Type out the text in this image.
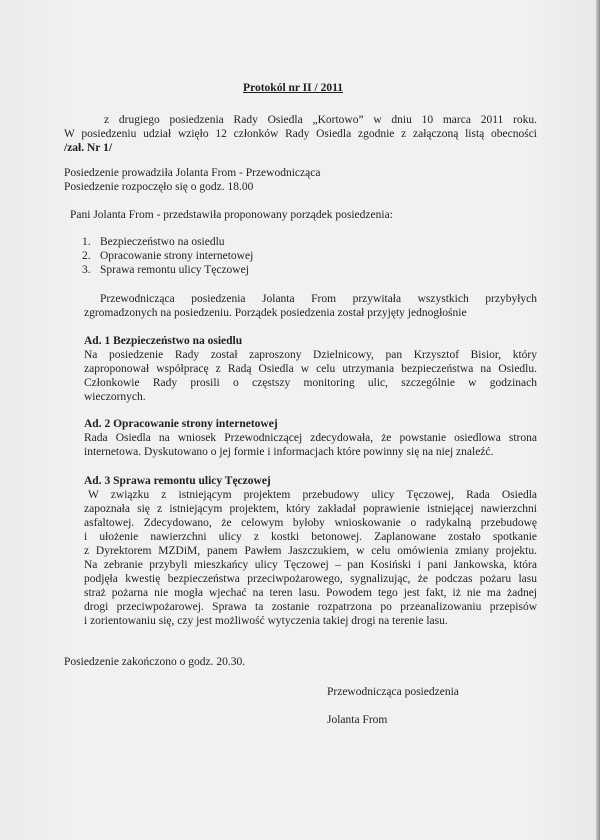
Protokól nr II / 2011
z drugiego posiedzenia Rady Osiedla „Kortowo” w dniu 10 marca 2011 roku.
W posiedzeniu udział wzięło 12 członków Rady Osiedla zgodnie z załączoną listą obecności
/zał. Nr 1/
Posiedzenie prowadziła Jolanta From - Przewodnicząca
Posiedzenie rozpoczęło się o godz. 18.00
Pani Jolanta From - przedstawiła proponowany porządek posiedzenia:
1. Bezpieczeństwo na osiedlu
2. Opracowanie strony internetowej
3. Sprawa remontu ulicy Tęczowej
Przewodnicząca posiedzenia Jolanta From przywitała wszystkich przybyłych
zgromadzonych na posiedzeniu. Porządek posiedzenia został przyjęty jednogłośnie
Ad. 1 Bezpieczeństwo na osiedlu
Na posiedzenie Rady został zaproszony Dzielnicowy, pan Krzysztof Bisior, który
zaproponował współpracę z Radą Osiedla w celu utrzymania bezpieczeństwa na Osiedlu.
Członkowie Rady prosili o częstszy monitoring ulic, szczególnie w godzinach
wieczornych.
Ad. 2 Opracowanie strony internetowej
Rada Osiedla na wniosek Przewodniczącej zdecydowała, że powstanie osiedlowa strona
internetowa. Dyskutowano o jej formie i informacjach które powinny się na niej znaleźć.
Ad. 3 Sprawa remontu ulicy Tęczowej
W związku z istniejącym projektem przebudowy ulicy Tęczowej, Rada Osiedla
zapoznała się z istniejącym projektem, który zakładał poprawienie istniejącej nawierzchni
asfaltowej. Zdecydowano, że celowym byłoby wnioskowanie o radykalną przebudowę
i ułożenie nawierzchni ulicy z kostki betonowej. Zaplanowane zostało spotkanie
z Dyrektorem MZDiM, panem Pawłem Jaszczukiem, w celu omówienia zmiany projektu.
Na zebranie przybyli mieszkańcy ulicy Tęczowej – pan Kosiński i pani Jankowska, która
podjęła kwestię bezpieczeństwa przeciwpożarowego, sygnalizując, że podczas pożaru lasu
straż pożarna nie mogła wjechać na teren lasu. Powodem tego jest fakt, iż nie ma żadnej
drogi przeciwpożarowej. Sprawa ta zostanie rozpatrzona po przeanalizowaniu przepisów
i zorientowaniu się, czy jest możliwość wytyczenia takiej drogi na terenie lasu.
Posiedzenie zakończono o godz. 20.30.
Przewodnicząca posiedzenia
Jolanta From
